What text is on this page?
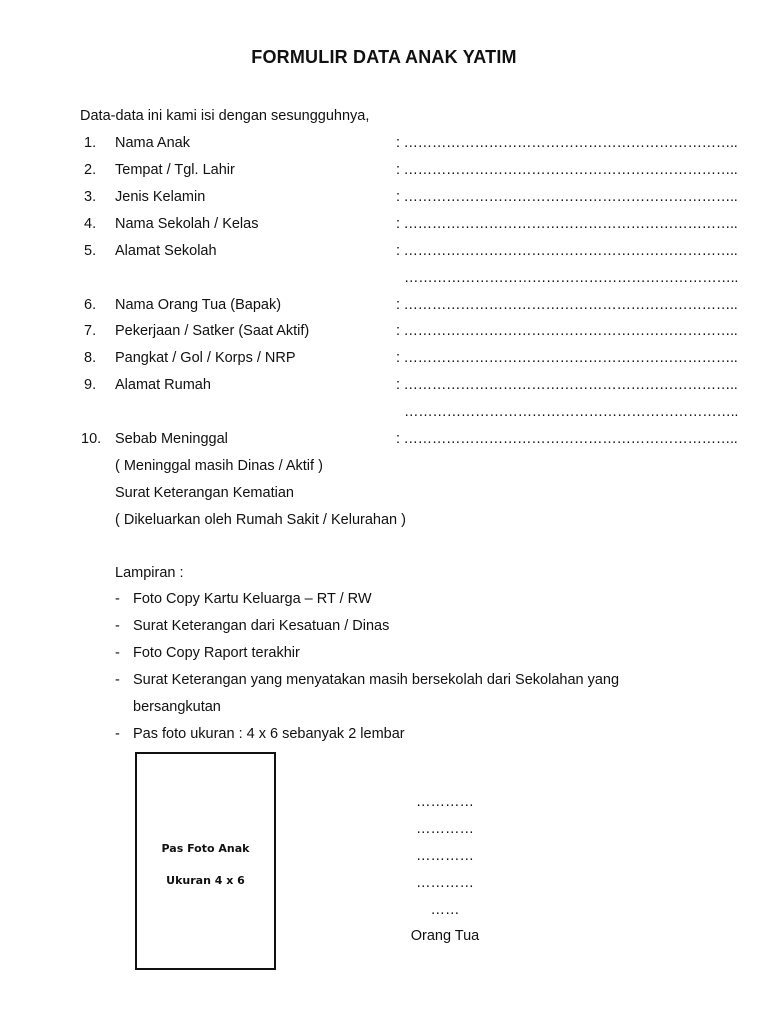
FORMULIR DATA ANAK YATIM
Data-data ini kami isi dengan sesungguhnya,
1. Nama Anak	: ……………………………………………………………..
2. Tempat / Tgl. Lahir	: ……………………………………………………………..
3. Jenis Kelamin	: ……………………………………………………………..
4. Nama Sekolah / Kelas	: ……………………………………………………………..
5. Alamat Sekolah	: ……………………………………………………………..
……………………………………………………………..
6. Nama Orang Tua (Bapak)	: ……………………………………………………………..
7. Pekerjaan / Satker (Saat Aktif)	: ……………………………………………………………..
8. Pangkat / Gol / Korps / NRP	: ……………………………………………………………..
9. Alamat Rumah	: ……………………………………………………………..
……………………………………………………………..
10. Sebab Meninggal	: ……………………………………………………………..
( Meninggal masih Dinas / Aktif )
Surat Keterangan Kematian
( Dikeluarkan oleh Rumah Sakit / Kelurahan )
Lampiran :
- Foto Copy Kartu Keluarga – RT / RW
- Surat Keterangan dari Kesatuan / Dinas
- Foto Copy Raport terakhir
- Surat Keterangan yang menyatakan masih bersekolah dari Sekolahan yang
bersangkutan
- Pas foto ukuran : 4 x 6 sebanyak 2 lembar
Pas Foto Anak
Ukuran 4 x 6
…………
…………
…………
…………
……
Orang Tua
